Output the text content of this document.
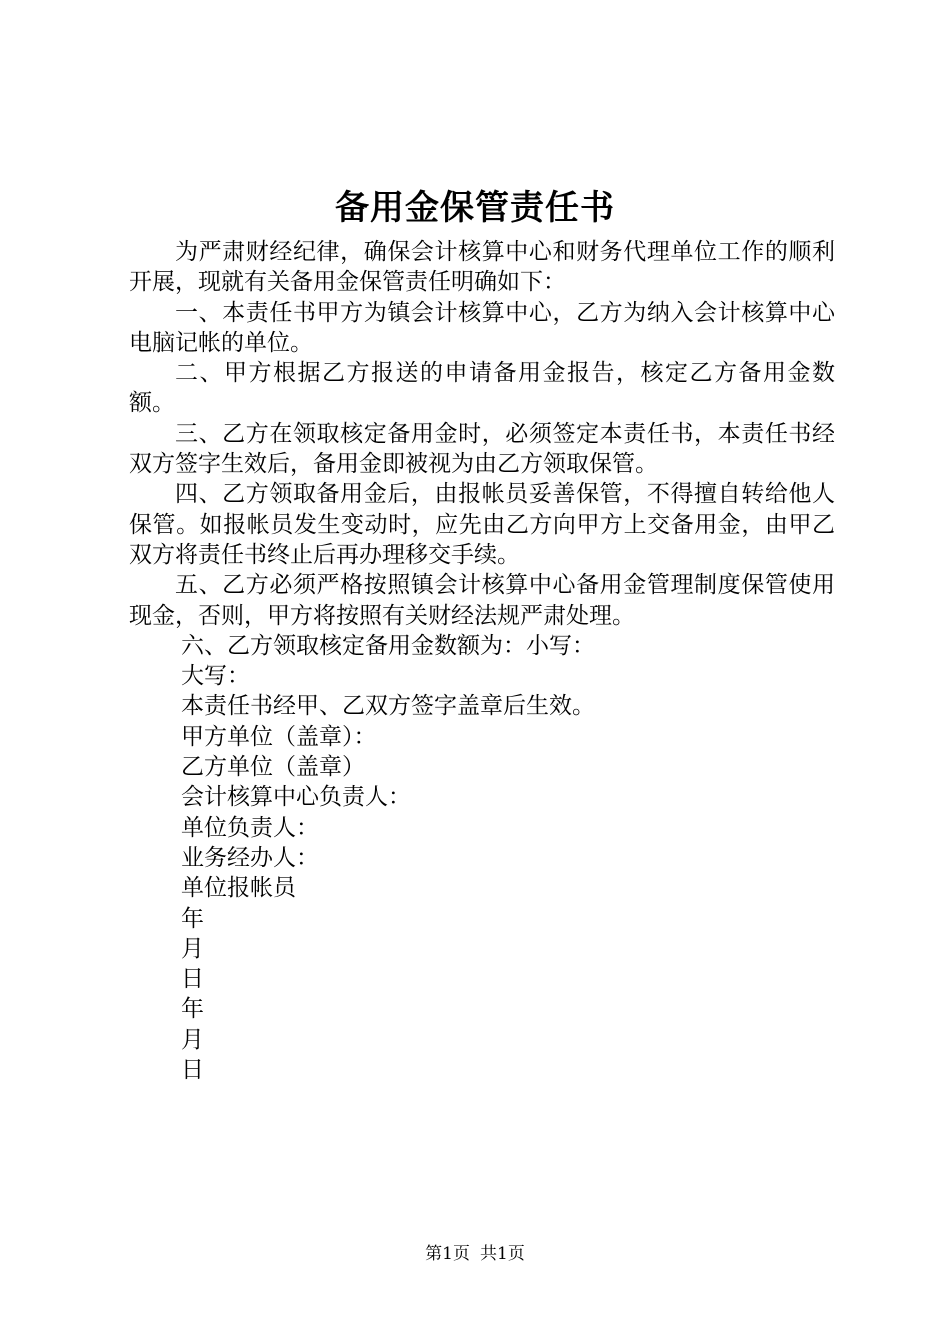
备用金保管责任书

为严肃财经纪律，确保会计核算中心和财务代理单位工作的顺利开展，现就有关备用金保管责任明确如下：

一、本责任书甲方为镇会计核算中心，乙方为纳入会计核算中心电脑记帐的单位。

二、甲方根据乙方报送的申请备用金报告，核定乙方备用金数额。

三、乙方在领取核定备用金时，必须签定本责任书，本责任书经双方签字生效后，备用金即被视为由乙方领取保管。

四、乙方领取备用金后，由报帐员妥善保管，不得擅自转给他人保管。如报帐员发生变动时，应先由乙方向甲方上交备用金，由甲乙双方将责任书终止后再办理移交手续。

五、乙方必须严格按照镇会计核算中心备用金管理制度保管使用现金，否则，甲方将按照有关财经法规严肃处理。

六、乙方领取核定备用金数额为：小写：

大写：

本责任书经甲、乙双方签字盖章后生效。

甲方单位（盖章）：

乙方单位（盖章）

会计核算中心负责人：

单位负责人：

业务经办人：

单位报帐员

年

月

日

年

月

日

第1页 共1页
